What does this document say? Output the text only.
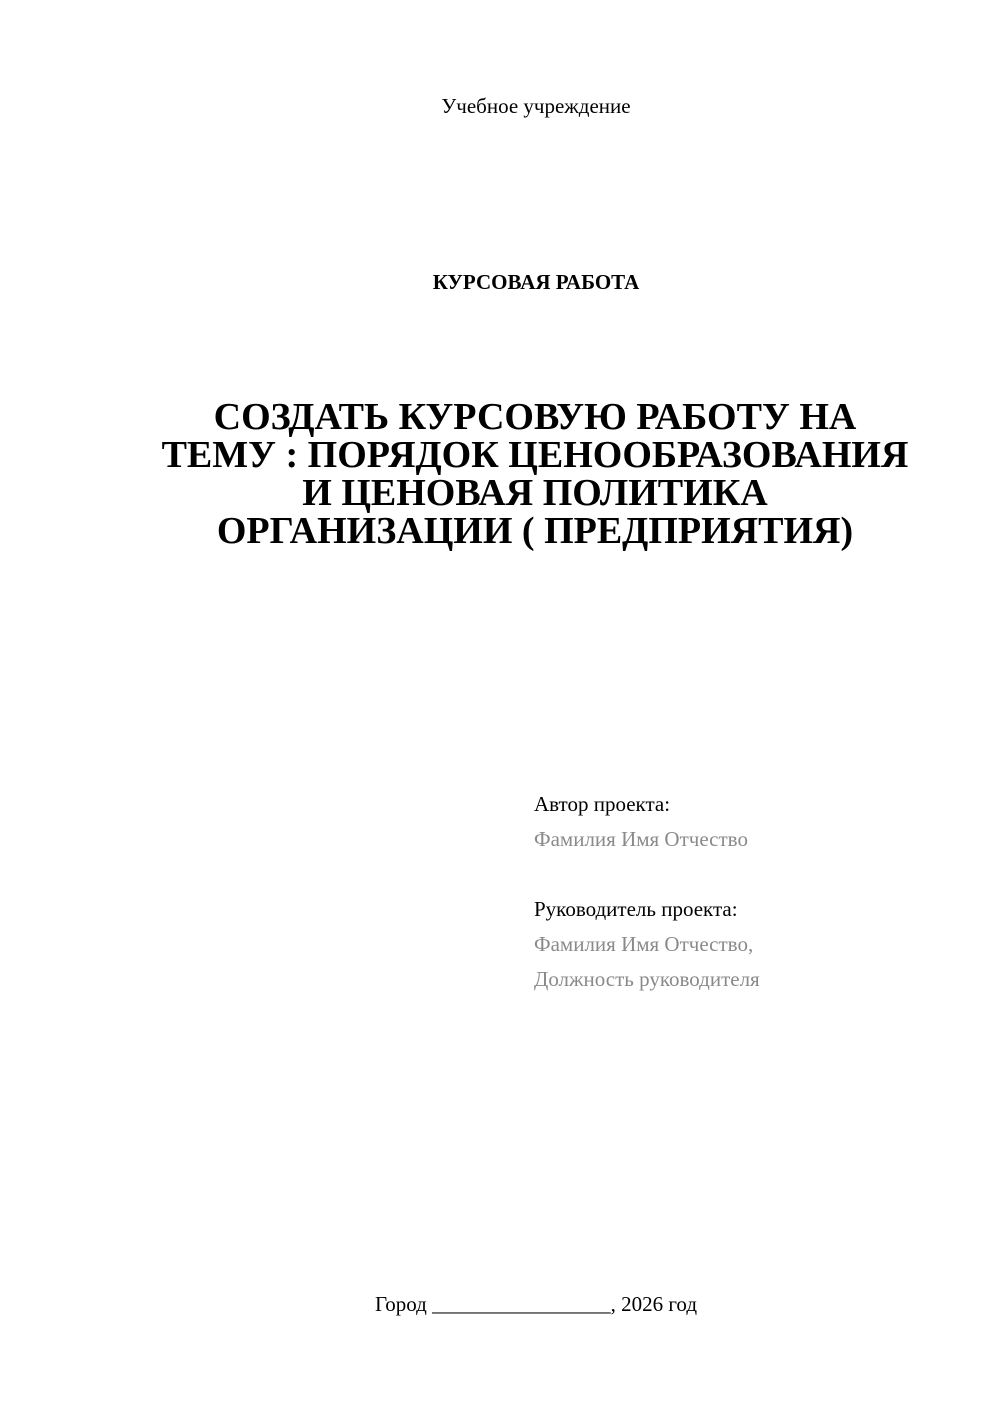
Учебное учреждение
КУРСОВАЯ РАБОТА
СОЗДАТЬ КУРСОВУЮ РАБОТУ НА
ТЕМУ : ПОРЯДОК ЦЕНООБРАЗОВАНИЯ
И ЦЕНОВАЯ ПОЛИТИКА
ОРГАНИЗАЦИИ ( ПРЕДПРИЯТИЯ)
Автор проекта:
Фамилия Имя Отчество
Руководитель проекта:
Фамилия Имя Отчество,
Должность руководителя
Город _________________, 2026 год
